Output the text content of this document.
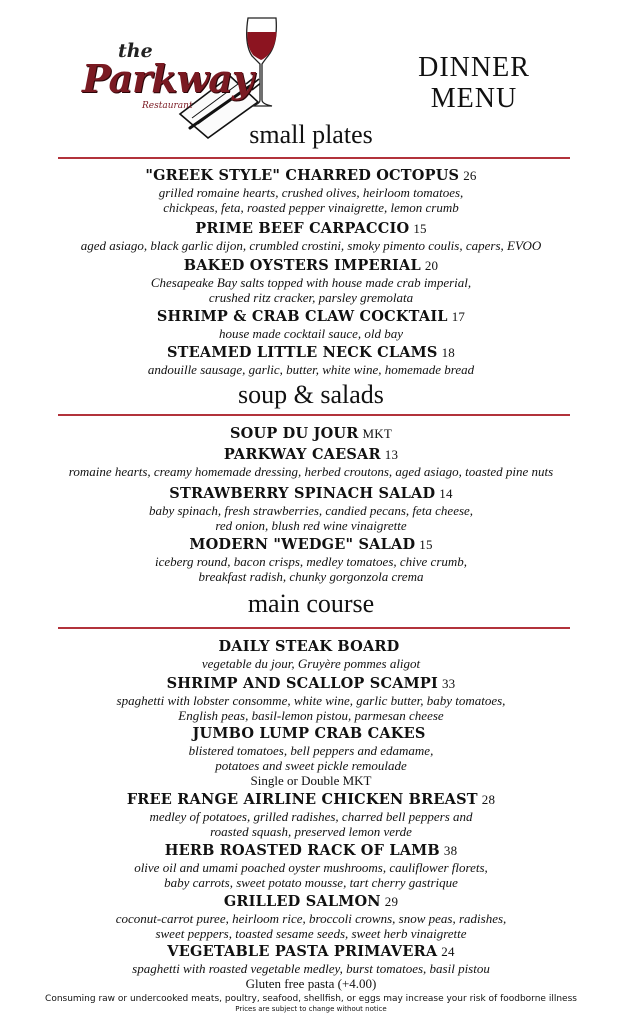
the
Parkway
Restaurant
DINNER
MENU
small plates
"GREEK STYLE" CHARRED OCTOPUS 26
grilled romaine hearts, crushed olives, heirloom tomatoes,
chickpeas, feta, roasted pepper vinaigrette, lemon crumb
PRIME BEEF CARPACCIO 15
aged asiago, black garlic dijon, crumbled crostini, smoky pimento coulis, capers, EVOO
BAKED OYSTERS IMPERIAL 20
Chesapeake Bay salts topped with house made crab imperial,
crushed ritz cracker, parsley gremolata
SHRIMP & CRAB CLAW COCKTAIL 17
house made cocktail sauce, old bay
STEAMED LITTLE NECK CLAMS 18
andouille sausage, garlic, butter, white wine, homemade bread
soup & salads
SOUP DU JOUR MKT
PARKWAY CAESAR 13
romaine hearts, creamy homemade dressing, herbed croutons, aged asiago, toasted pine nuts
STRAWBERRY SPINACH SALAD 14
baby spinach, fresh strawberries, candied pecans, feta cheese,
red onion, blush red wine vinaigrette
MODERN "WEDGE" SALAD 15
iceberg round, bacon crisps, medley tomatoes, chive crumb,
breakfast radish, chunky gorgonzola crema
main course
DAILY STEAK BOARD
vegetable du jour, Gruyère pommes aligot
SHRIMP AND SCALLOP SCAMPI 33
spaghetti with lobster consomme, white wine, garlic butter, baby tomatoes,
English peas, basil-lemon pistou, parmesan cheese
JUMBO LUMP CRAB CAKES
blistered tomatoes, bell peppers and edamame,
potatoes and sweet pickle remoulade
Single or Double MKT
FREE RANGE AIRLINE CHICKEN BREAST 28
medley of potatoes, grilled radishes, charred bell peppers and
roasted squash, preserved lemon verde
HERB ROASTED RACK OF LAMB 38
olive oil and umami poached oyster mushrooms, cauliflower florets,
baby carrots, sweet potato mousse, tart cherry gastrique
GRILLED SALMON 29
coconut-carrot puree, heirloom rice, broccoli crowns, snow peas, radishes,
sweet peppers, toasted sesame seeds, sweet herb vinaigrette
VEGETABLE PASTA PRIMAVERA 24
spaghetti with roasted vegetable medley, burst tomatoes, basil pistou
Gluten free pasta (+4.00)
Consuming raw or undercooked meats, poultry, seafood, shellfish, or eggs may increase your risk of foodborne illness
Prices are subject to change without notice
